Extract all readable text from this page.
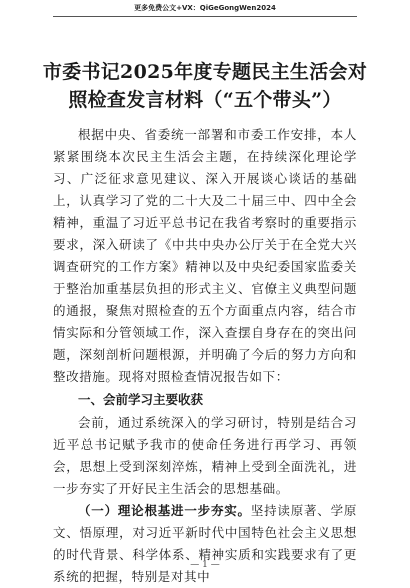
更多免费公文+VX：QiGeGongWen2024
市委书记2025年度专题民主生活会对照检查发言材料（“五个带头”）

根据中央、省委统一部署和市委工作安排，本人紧紧围绕本次民主生活会主题，在持续深化理论学习、广泛征求意见建议、深入开展谈心谈话的基础上，认真学习了党的二十大及二十届三中、四中全会精神，重温了习近平总书记在我省考察时的重要指示要求，深入研读了《中共中央办公厅关于在全党大兴调查研究的工作方案》精神以及中央纪委国家监委关于整治加重基层负担的形式主义、官僚主义典型问题的通报，聚焦对照检查的五个方面重点内容，结合市情实际和分管领域工作，深入查摆自身存在的突出问题，深刻剖析问题根源，并明确了今后的努力方向和整改措施。现将对照检查情况报告如下：

一、会前学习主要收获

会前，通过系统深入的学习研讨，特别是结合习近平总书记赋予我市的使命任务进行再学习、再领会，思想上受到深刻淬炼，精神上受到全面洗礼，进一步夯实了开好民主生活会的思想基础。

（一）理论根基进一步夯实。坚持读原著、学原文、悟原理，对习近平新时代中国特色社会主义思想的时代背景、科学体系、精神实质和实践要求有了更系统的把握，特别是对其中

— 1 —
